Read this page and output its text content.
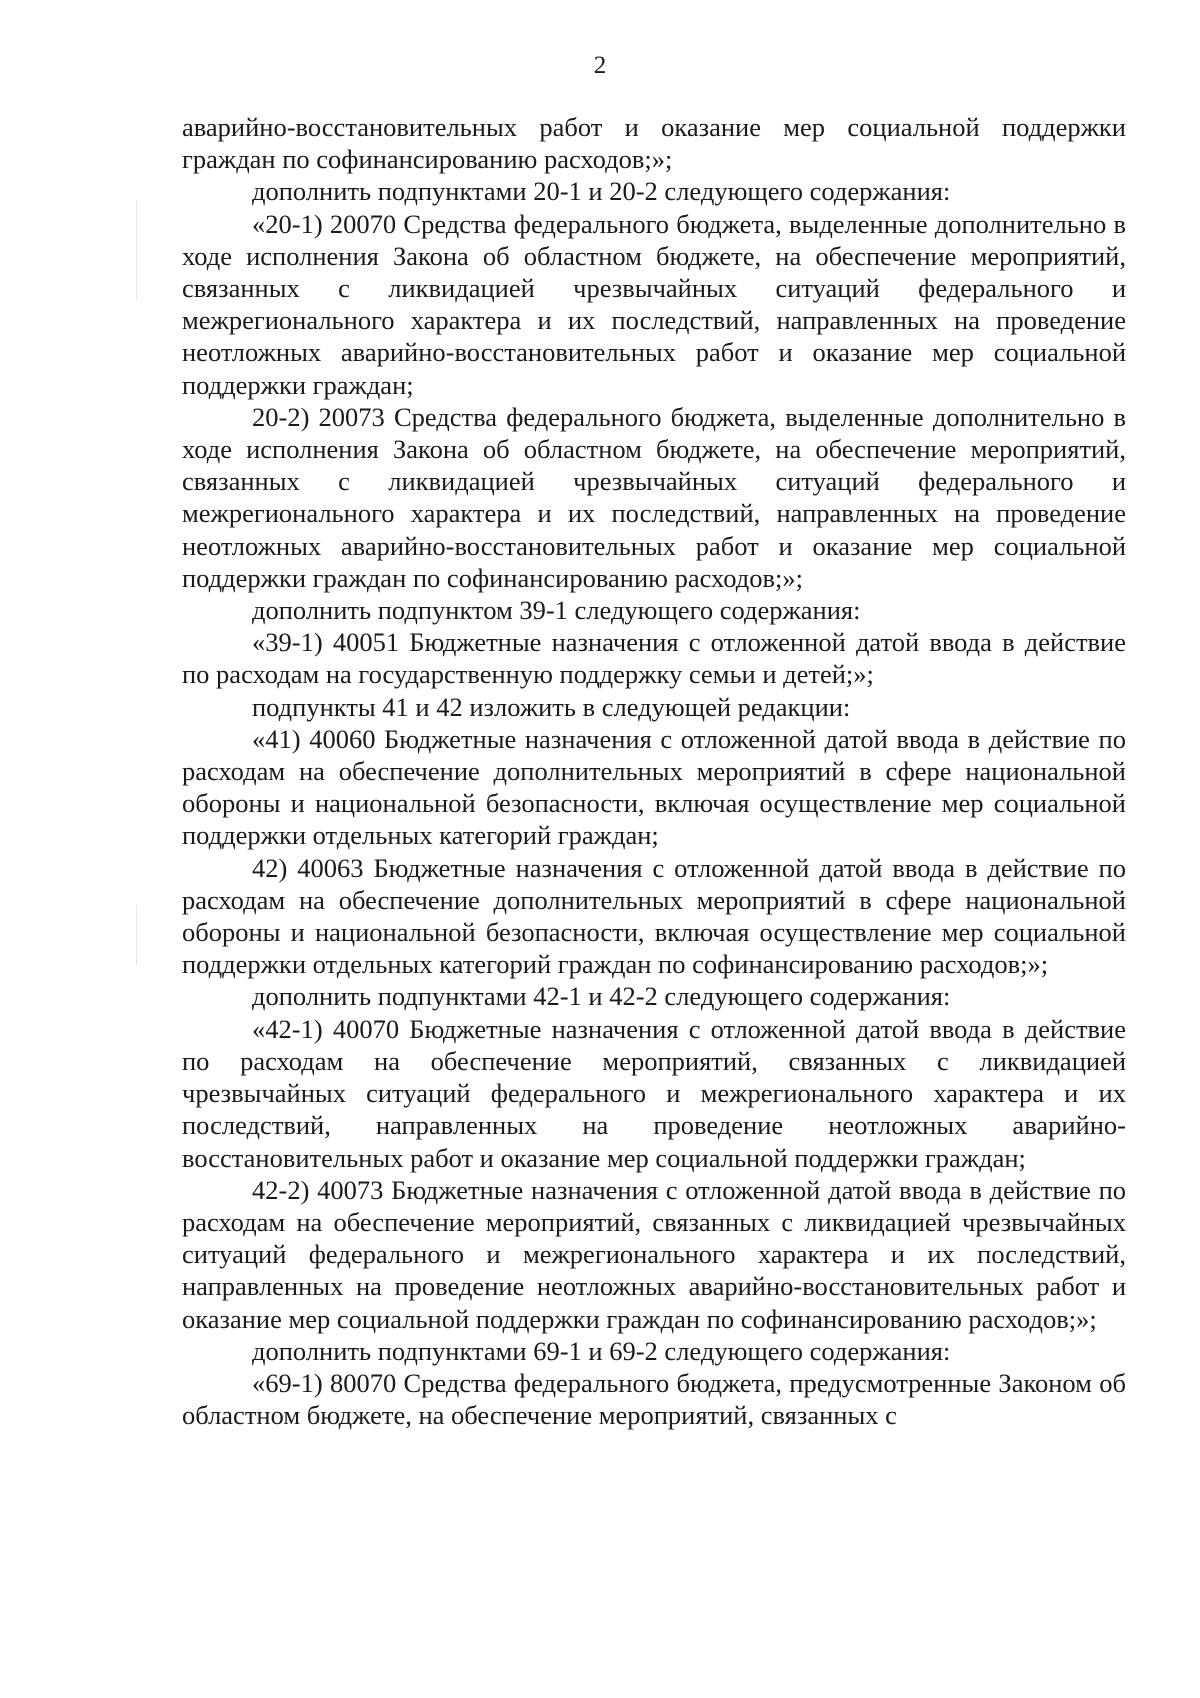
2

аварийно-восстановительных работ и оказание мер социальной поддержки граждан по софинансированию расходов;»;

дополнить подпунктами 20-1 и 20-2 следующего содержания:

«20-1) 20070 Средства федерального бюджета, выделенные дополнительно в ходе исполнения Закона об областном бюджете, на обеспечение мероприятий, связанных с ликвидацией чрезвычайных ситуаций федерального и межрегионального характера и их последствий, направленных на проведение неотложных аварийно-восстановительных работ и оказание мер социальной поддержки граждан;

20-2) 20073 Средства федерального бюджета, выделенные дополнительно в ходе исполнения Закона об областном бюджете, на обеспечение мероприятий, связанных с ликвидацией чрезвычайных ситуаций федерального и межрегионального характера и их последствий, направленных на проведение неотложных аварийно-восстановительных работ и оказание мер социальной поддержки граждан по софинансированию расходов;»;

дополнить подпунктом 39-1 следующего содержания:

«39-1) 40051 Бюджетные назначения с отложенной датой ввода в действие по расходам на государственную поддержку семьи и детей;»;

подпункты 41 и 42 изложить в следующей редакции:

«41) 40060 Бюджетные назначения с отложенной датой ввода в действие по расходам на обеспечение дополнительных мероприятий в сфере национальной обороны и национальной безопасности, включая осуществление мер социальной поддержки отдельных категорий граждан;

42) 40063 Бюджетные назначения с отложенной датой ввода в действие по расходам на обеспечение дополнительных мероприятий в сфере национальной обороны и национальной безопасности, включая осуществление мер социальной поддержки отдельных категорий граждан по софинансированию расходов;»;

дополнить подпунктами 42-1 и 42-2 следующего содержания:

«42-1) 40070 Бюджетные назначения с отложенной датой ввода в действие по расходам на обеспечение мероприятий, связанных с ликвидацией чрезвычайных ситуаций федерального и межрегионального характера и их последствий, направленных на проведение неотложных аварийно-восстановительных работ и оказание мер социальной поддержки граждан;

42-2) 40073 Бюджетные назначения с отложенной датой ввода в действие по расходам на обеспечение мероприятий, связанных с ликвидацией чрезвычайных ситуаций федерального и межрегионального характера и их последствий, направленных на проведение неотложных аварийно-восстановительных работ и оказание мер социальной поддержки граждан по софинансированию расходов;»;

дополнить подпунктами 69-1 и 69-2 следующего содержания:

«69-1) 80070 Средства федерального бюджета, предусмотренные Законом об областном бюджете, на обеспечение мероприятий, связанных с
